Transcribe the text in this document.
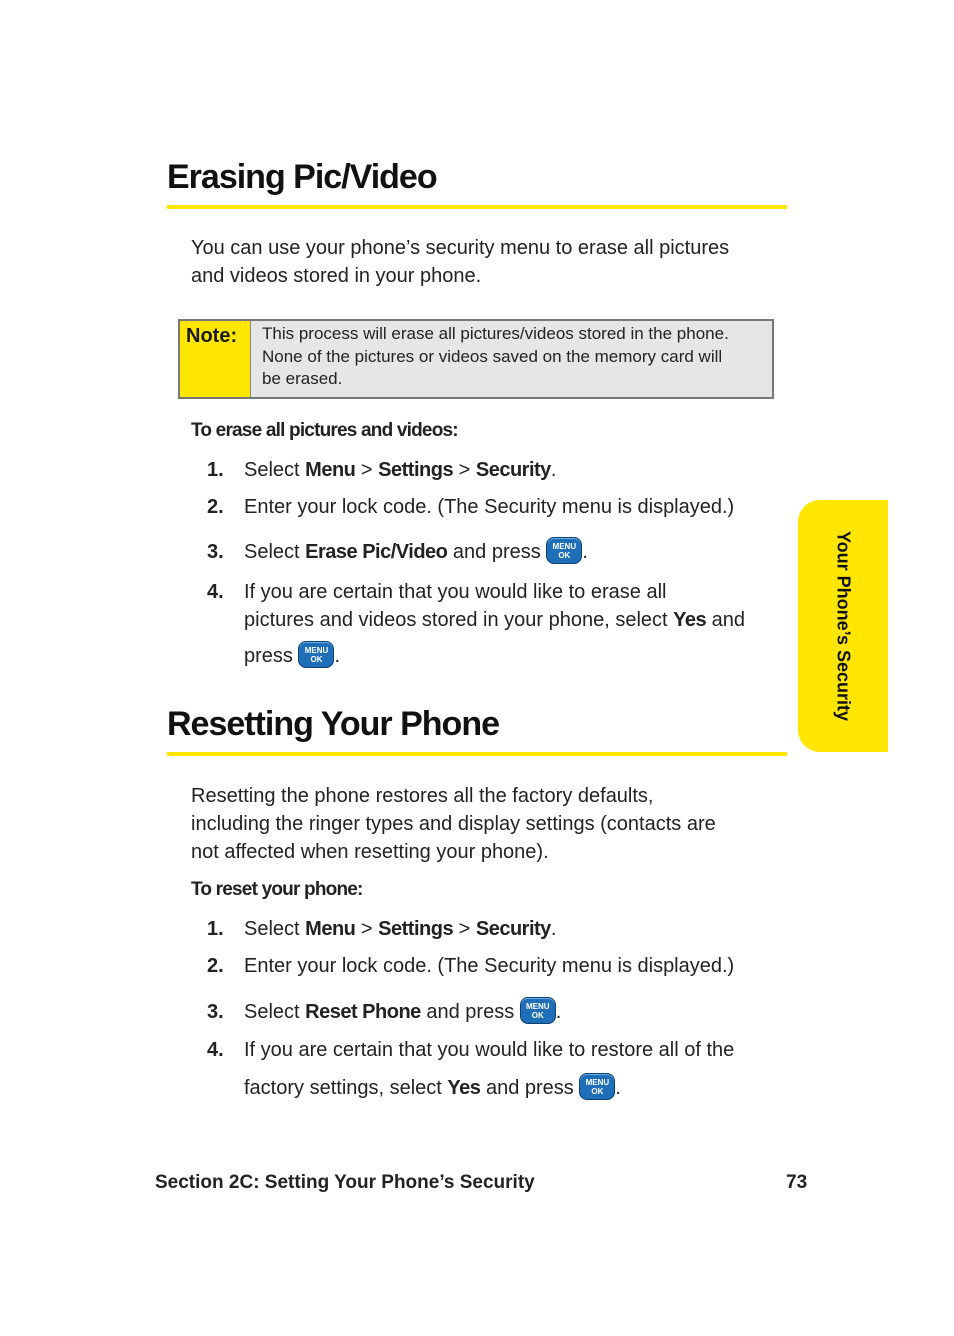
Erasing Pic/Video
You can use your phone’s security menu to erase all pictures
and videos stored in your phone.
Note:	This process will erase all pictures/videos stored in the phone.
None of the pictures or videos saved on the memory card will
be erased.
To erase all pictures and videos:
1. Select Menu > Settings > Security.
2. Enter your lock code. (The Security menu is displayed.)
3. Select Erase Pic/Video and press MENU
OK .
4. If you are certain that you would like to erase all
pictures and videos stored in your phone, select Yes and
press MENU
OK .
Resetting Your Phone
Resetting the phone restores all the factory defaults,
including the ringer types and display settings (contacts are
not affected when resetting your phone).
To reset your phone:
1. Select Menu > Settings > Security.
2. Enter your lock code. (The Security menu is displayed.)
3. Select Reset Phone and press MENU
OK .
4. If you are certain that you would like to restore all of the
factory settings, select Yes and press MENU
OK .
Your Phone’s Security
Section 2C: Setting Your Phone’s Security	73
